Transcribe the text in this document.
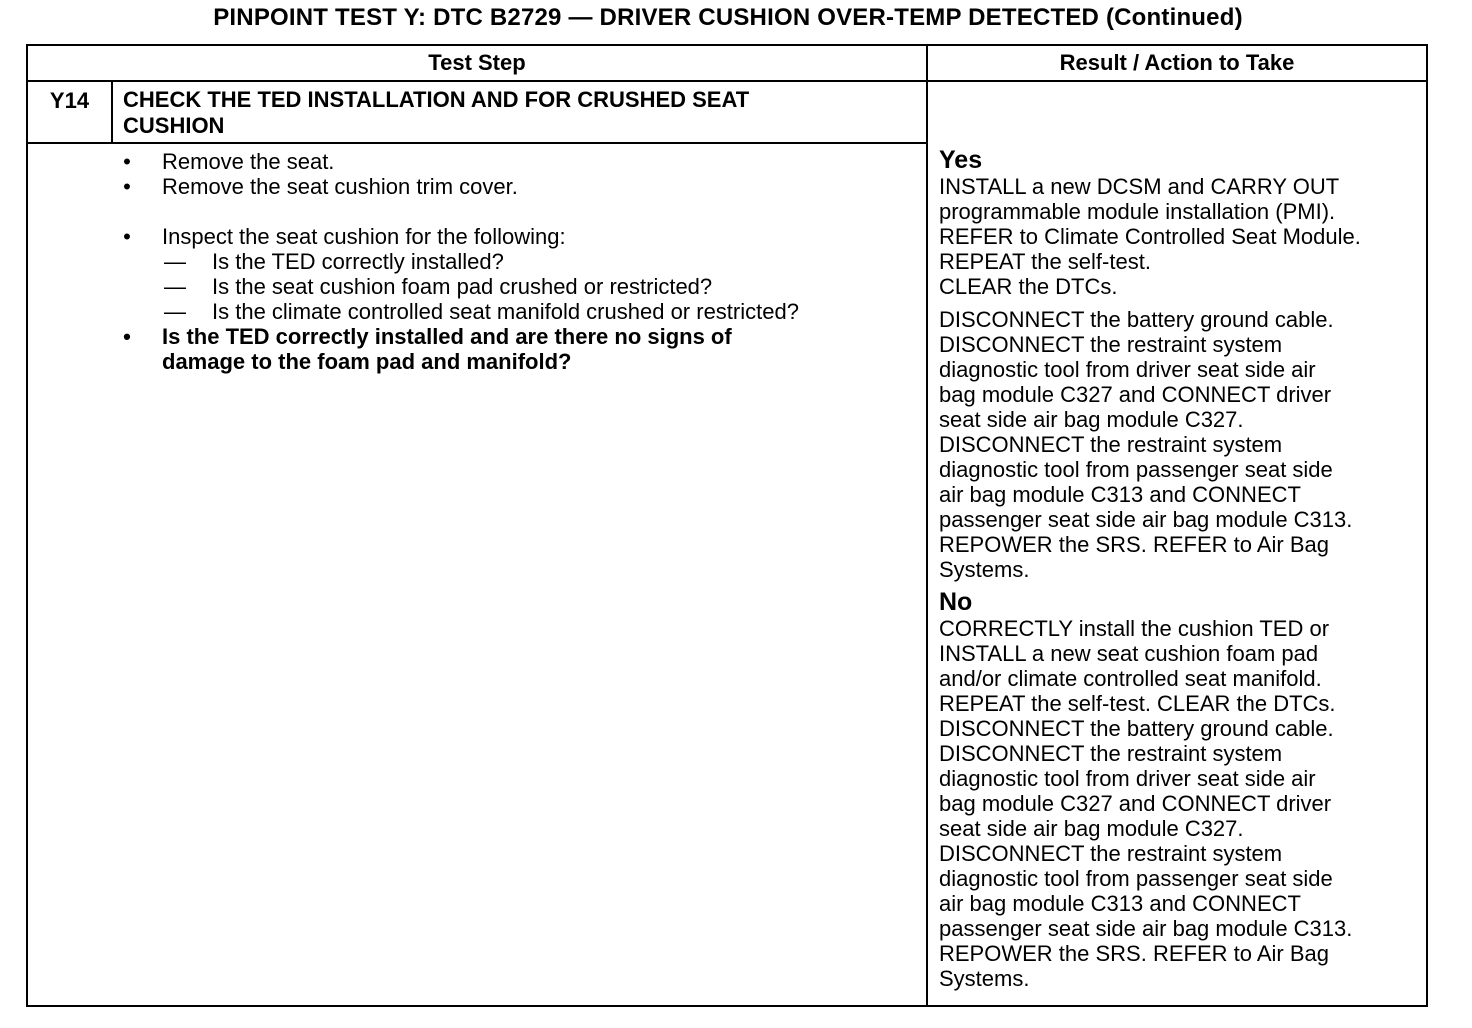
PINPOINT TEST Y: DTC B2729 — DRIVER CUSHION OVER-TEMP DETECTED (Continued)
Test Step	Result / Action to Take
Y14	CHECK THE TED INSTALLATION AND FOR CRUSHED SEAT
CUSHION
• Remove the seat.
• Remove the seat cushion trim cover.
• Inspect the seat cushion for the following:
— Is the TED correctly installed?
— Is the seat cushion foam pad crushed or restricted?
— Is the climate controlled seat manifold crushed or restricted?
• Is the TED correctly installed and are there no signs of
damage to the foam pad and manifold?
Yes
INSTALL a new DCSM and CARRY OUT
programmable module installation (PMI).
REFER to Climate Controlled Seat Module.
REPEAT the self-test.
CLEAR the DTCs.
DISCONNECT the battery ground cable.
DISCONNECT the restraint system
diagnostic tool from driver seat side air
bag module C327 and CONNECT driver
seat side air bag module C327.
DISCONNECT the restraint system
diagnostic tool from passenger seat side
air bag module C313 and CONNECT
passenger seat side air bag module C313.
REPOWER the SRS. REFER to Air Bag
Systems.
No
CORRECTLY install the cushion TED or
INSTALL a new seat cushion foam pad
and/or climate controlled seat manifold.
REPEAT the self-test. CLEAR the DTCs.
DISCONNECT the battery ground cable.
DISCONNECT the restraint system
diagnostic tool from driver seat side air
bag module C327 and CONNECT driver
seat side air bag module C327.
DISCONNECT the restraint system
diagnostic tool from passenger seat side
air bag module C313 and CONNECT
passenger seat side air bag module C313.
REPOWER the SRS. REFER to Air Bag
Systems.
